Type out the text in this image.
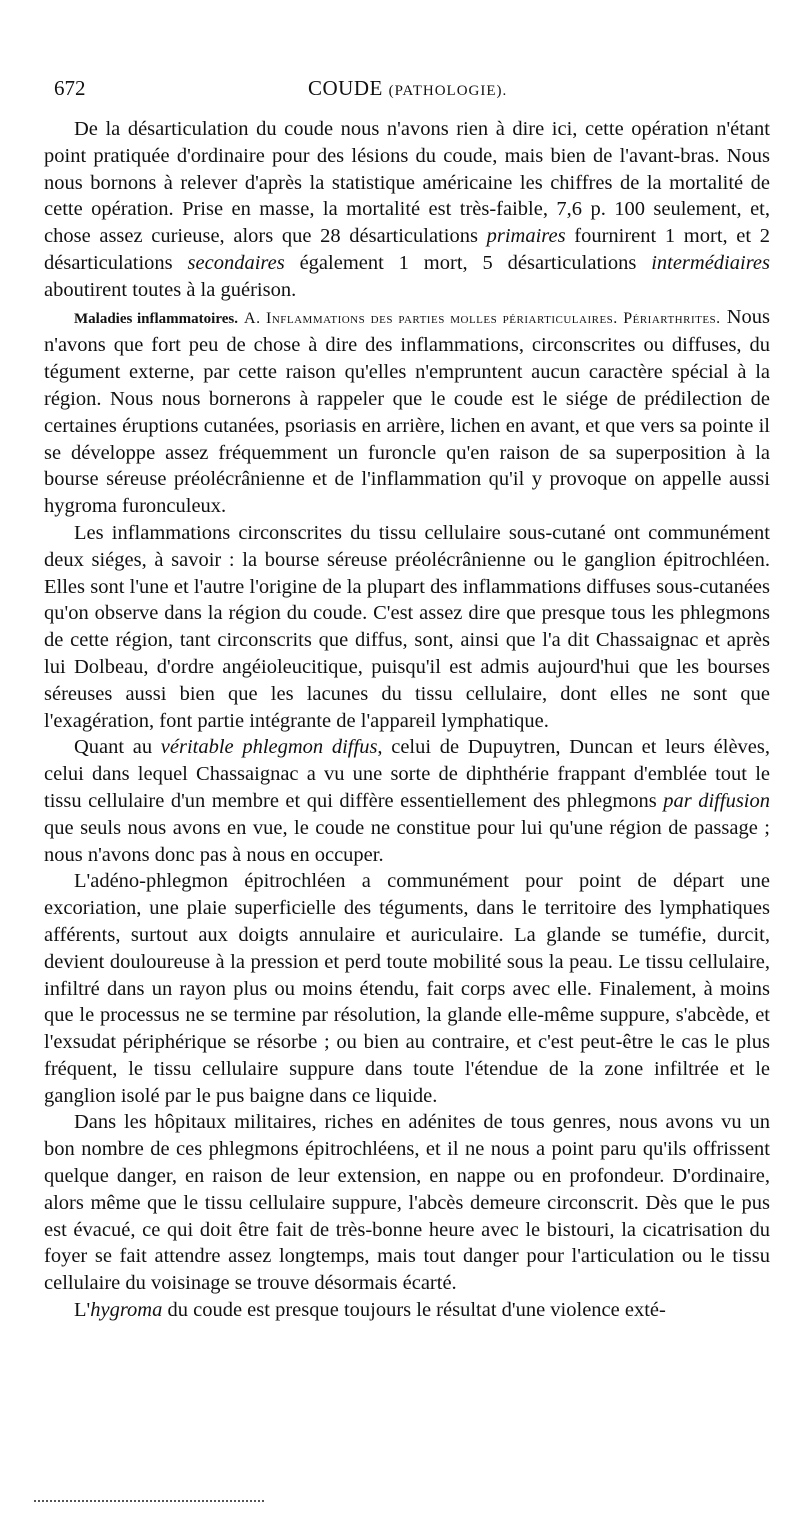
672	COUDE (PATHOLOGIE).

De la désarticulation du coude nous n'avons rien à dire ici, cette opération n'étant point pratiquée d'ordinaire pour des lésions du coude, mais bien de l'avant-bras. Nous nous bornons à relever d'après la statistique américaine les chiffres de la mortalité de cette opération. Prise en masse, la mortalité est très-faible, 7,6 p. 100 seulement, et, chose assez curieuse, alors que 28 désarticulations primaires fournirent 1 mort, et 2 désarticulations secondaires également 1 mort, 5 désarticulations intermédiaires aboutirent toutes à la guérison.

Maladies inflammatoires. A. Inflammations des parties molles périarticulaires. Périarthrites. Nous n'avons que fort peu de chose à dire des inflammations, circonscrites ou diffuses, du tégument externe, par cette raison qu'elles n'empruntent aucun caractère spécial à la région. Nous nous bornerons à rappeler que le coude est le siége de prédilection de certaines éruptions cutanées, psoriasis en arrière, lichen en avant, et que vers sa pointe il se développe assez fréquemment un furoncle qu'en raison de sa superposition à la bourse séreuse préolécrânienne et de l'inflammation qu'il y provoque on appelle aussi hygroma furonculeux.

Les inflammations circonscrites du tissu cellulaire sous-cutané ont communément deux siéges, à savoir : la bourse séreuse préolécrânienne ou le ganglion épitrochléen. Elles sont l'une et l'autre l'origine de la plupart des inflammations diffuses sous-cutanées qu'on observe dans la région du coude. C'est assez dire que presque tous les phlegmons de cette région, tant circonscrits que diffus, sont, ainsi que l'a dit Chassaignac et après lui Dolbeau, d'ordre angéioleucitique, puisqu'il est admis aujourd'hui que les bourses séreuses aussi bien que les lacunes du tissu cellulaire, dont elles ne sont que l'exagération, font partie intégrante de l'appareil lymphatique.

Quant au véritable phlegmon diffus, celui de Dupuytren, Duncan et leurs élèves, celui dans lequel Chassaignac a vu une sorte de diphthérie frappant d'emblée tout le tissu cellulaire d'un membre et qui diffère essentiellement des phlegmons par diffusion que seuls nous avons en vue, le coude ne constitue pour lui qu'une région de passage ; nous n'avons donc pas à nous en occuper.

L'adéno-phlegmon épitrochléen a communément pour point de départ une excoriation, une plaie superficielle des téguments, dans le territoire des lymphatiques afférents, surtout aux doigts annulaire et auriculaire. La glande se tuméfie, durcit, devient douloureuse à la pression et perd toute mobilité sous la peau. Le tissu cellulaire, infiltré dans un rayon plus ou moins étendu, fait corps avec elle. Finalement, à moins que le processus ne se termine par résolution, la glande elle-même suppure, s'abcède, et l'exsudat périphérique se résorbe ; ou bien au contraire, et c'est peut-être le cas le plus fréquent, le tissu cellulaire suppure dans toute l'étendue de la zone infiltrée et le ganglion isolé par le pus baigne dans ce liquide.

Dans les hôpitaux militaires, riches en adénites de tous genres, nous avons vu un bon nombre de ces phlegmons épitrochléens, et il ne nous a point paru qu'ils offrissent quelque danger, en raison de leur extension, en nappe ou en profondeur. D'ordinaire, alors même que le tissu cellulaire suppure, l'abcès demeure circonscrit. Dès que le pus est évacué, ce qui doit être fait de très-bonne heure avec le bistouri, la cicatrisation du foyer se fait attendre assez longtemps, mais tout danger pour l'articulation ou le tissu cellulaire du voisinage se trouve désormais écarté.

L'hygroma du coude est presque toujours le résultat d'une violence exté-
